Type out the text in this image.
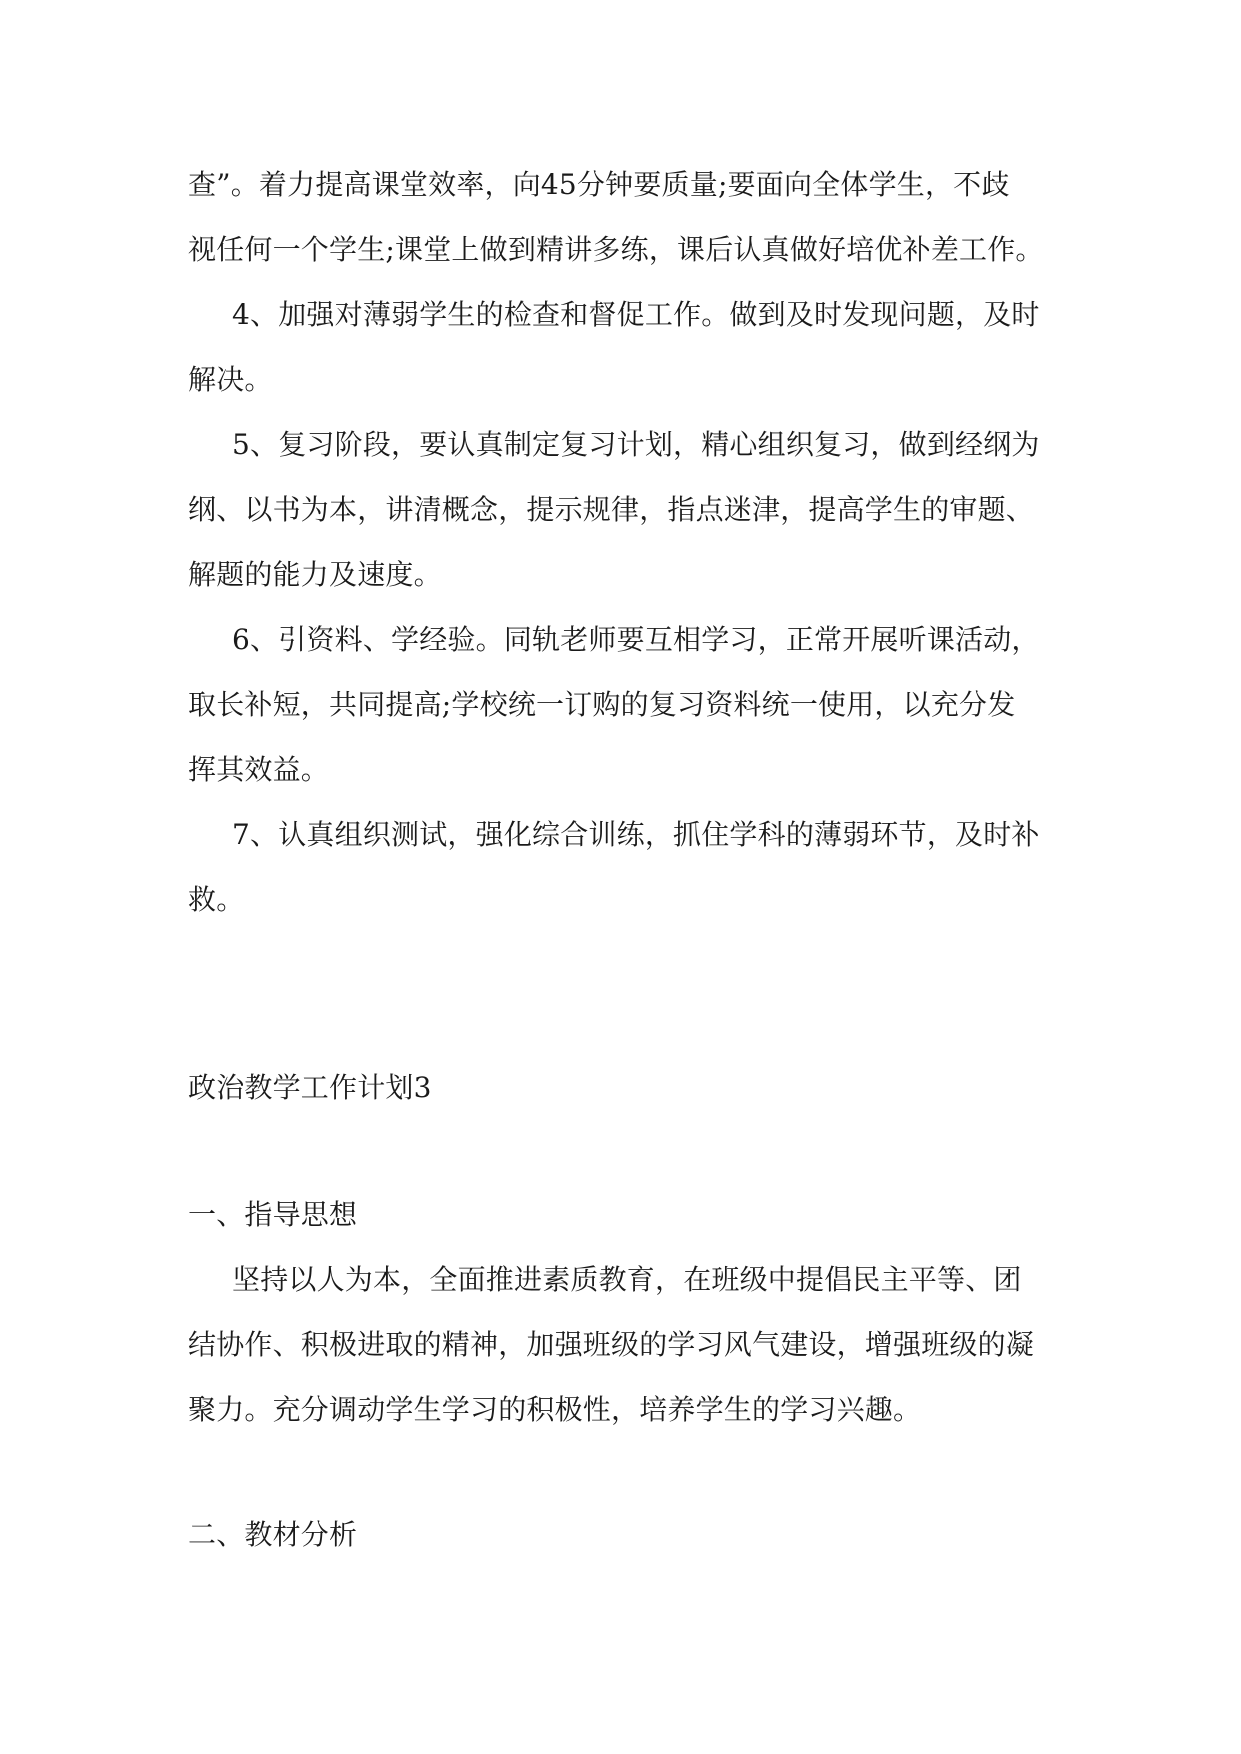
查”。着力提高课堂效率，向45分钟要质量;要面向全体学生，不歧
视任何一个学生;课堂上做到精讲多练，课后认真做好培优补差工作。
4、加强对薄弱学生的检查和督促工作。做到及时发现问题，及时
解决。
5、复习阶段，要认真制定复习计划，精心组织复习，做到经纲为
纲、以书为本，讲清概念，提示规律，指点迷津，提高学生的审题、
解题的能力及速度。
6、引资料、学经验。同轨老师要互相学习，正常开展听课活动，
取长补短，共同提高;学校统一订购的复习资料统一使用，以充分发
挥其效益。
7、认真组织测试，强化综合训练，抓住学科的薄弱环节，及时补
救。
政治教学工作计划3
一、指导思想
坚持以人为本，全面推进素质教育，在班级中提倡民主平等、团
结协作、积极进取的精神，加强班级的学习风气建设，增强班级的凝
聚力。充分调动学生学习的积极性，培养学生的学习兴趣。
二、教材分析
